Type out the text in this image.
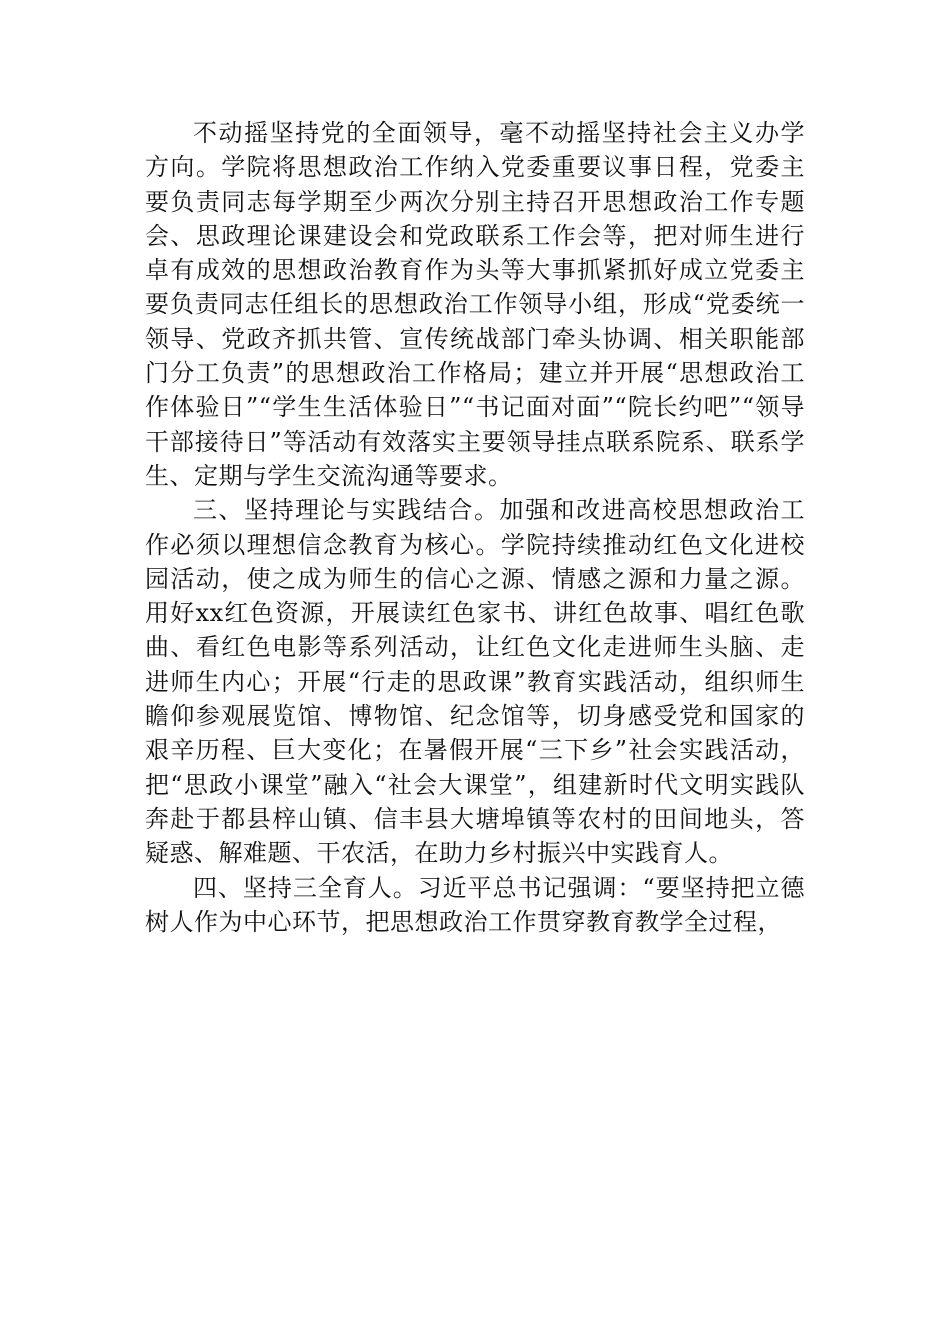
不动摇坚持党的全面领导，毫不动摇坚持社会主义办学方向。学院将思想政治工作纳入党委重要议事日程，党委主要负责同志每学期至少两次分别主持召开思想政治工作专题会、思政理论课建设会和党政联系工作会等，把对师生进行卓有成效的思想政治教育作为头等大事抓紧抓好成立党委主要负责同志任组长的思想政治工作领导小组，形成“党委统一领导、党政齐抓共管、宣传统战部门牵头协调、相关职能部门分工负责”的思想政治工作格局；建立并开展“思想政治工作体验日”“学生生活体验日”“书记面对面”“院长约吧”“领导干部接待日”等活动有效落实主要领导挂点联系院系、联系学生、定期与学生交流沟通等要求。

三、坚持理论与实践结合。加强和改进高校思想政治工作必须以理想信念教育为核心。学院持续推动红色文化进校园活动，使之成为师生的信心之源、情感之源和力量之源。用好xx红色资源，开展读红色家书、讲红色故事、唱红色歌曲、看红色电影等系列活动，让红色文化走进师生头脑、走进师生内心；开展“行走的思政课”教育实践活动，组织师生瞻仰参观展览馆、博物馆、纪念馆等，切身感受党和国家的艰辛历程、巨大变化；在暑假开展“三下乡”社会实践活动，把“思政小课堂”融入“社会大课堂”，组建新时代文明实践队奔赴于都县梓山镇、信丰县大塘埠镇等农村的田间地头，答疑惑、解难题、干农活，在助力乡村振兴中实践育人。

四、坚持三全育人。习近平总书记强调：“要坚持把立德树人作为中心环节，把思想政治工作贯穿教育教学全过程，
